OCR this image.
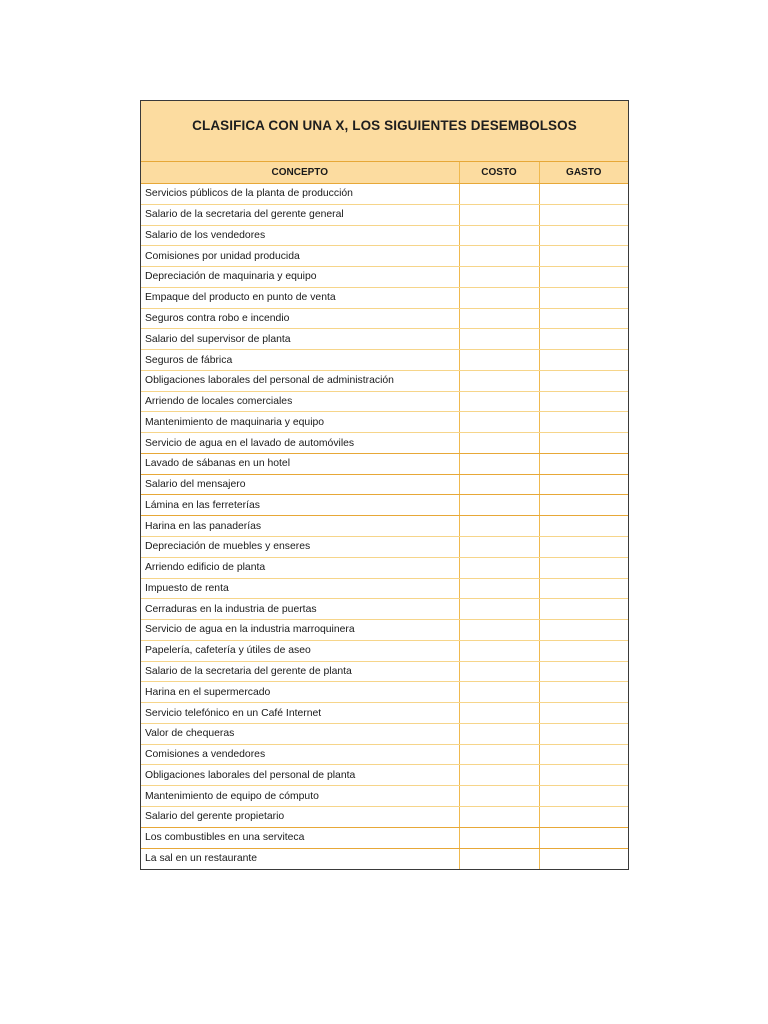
CLASIFICA CON UNA X, LOS SIGUIENTES DESEMBOLSOS
CONCEPTO	COSTO	GASTO
Servicios públicos de la planta de producción		
Salario de la secretaria del gerente general		
Salario de los vendedores		
Comisiones por unidad producida		
Depreciación de maquinaria y equipo		
Empaque del producto en punto de venta		
Seguros contra robo e incendio		
Salario del supervisor de planta		
Seguros de fábrica		
Obligaciones laborales del personal de administración		
Arriendo de locales comerciales		
Mantenimiento de maquinaria y equipo		
Servicio de agua en el lavado de automóviles		
Lavado de sábanas en un hotel		
Salario del mensajero		
Lámina en las ferreterías		
Harina en las panaderías		
Depreciación de muebles y enseres		
Arriendo edificio de planta		
Impuesto de renta		
Cerraduras en la industria de puertas		
Servicio de agua en la industria marroquinera		
Papelería, cafetería y útiles de aseo		
Salario de la secretaria del gerente de planta		
Harina en el supermercado		
Servicio telefónico en un Café Internet		
Valor de chequeras		
Comisiones a vendedores		
Obligaciones laborales del personal de planta		
Mantenimiento de equipo de cómputo		
Salario del gerente propietario		
Los combustibles en una serviteca		
La sal en un restaurante		
